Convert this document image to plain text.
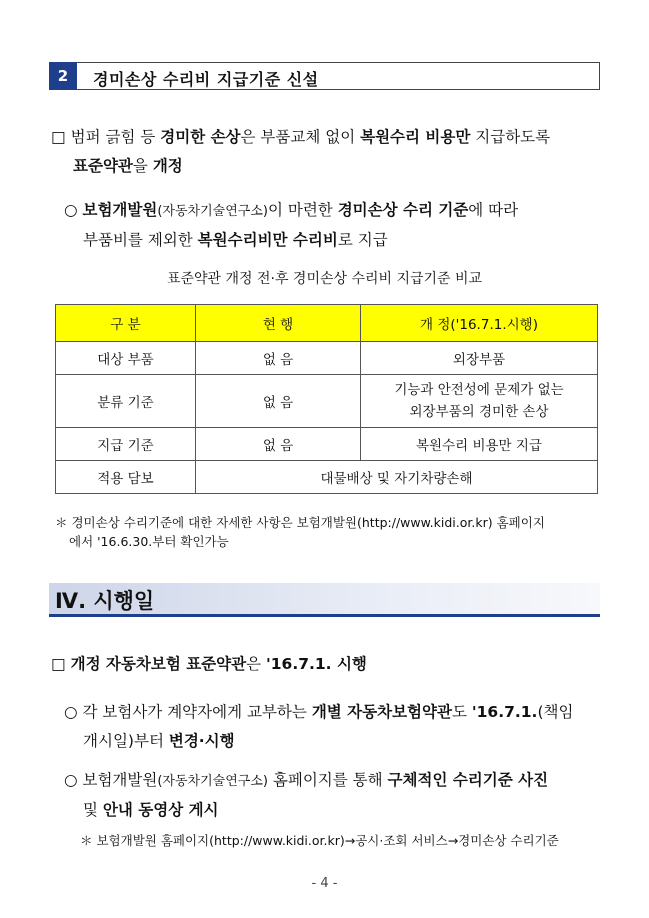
2	경미손상 수리비 지급기준 신설

□ 범퍼 긁힘 등 경미한 손상은 부품교체 없이 복원수리 비용만 지급하도록
표준약관을 개정

○ 보험개발원(자동차기술연구소)이 마련한 경미손상 수리 기준에 따라
부품비를 제외한 복원수리비만 수리비로 지급

표준약관 개정 전·후 경미손상 수리비 지급기준 비교
구 분	현 행	개 정('16.7.1.시행)
대상 부품	없 음	외장부품
분류 기준	없 음	기능과 안전성에 문제가 없는
외장부품의 경미한 손상
지급 기준	없 음	복원수리 비용만 지급
적용 담보	대물배상 및 자기차량손해	
＊ 경미손상 수리기준에 대한 자세한 사항은 보험개발원(http://www.kidi.or.kr) 홈페이지
에서 '16.6.30.부터 확인가능
Ⅳ. 시행일

□ 개정 자동차보험 표준약관은 '16.7.1. 시행

○ 각 보험사가 계약자에게 교부하는 개별 자동차보험약관도 '16.7.1.(책임
개시일)부터 변경·시행

○ 보험개발원(자동차기술연구소) 홈페이지를 통해 구체적인 수리기준 사진
및 안내 동영상 게시

＊ 보험개발원 홈페이지(http://www.kidi.or.kr)→공시·조회 서비스→경미손상 수리기준
- 4 -
